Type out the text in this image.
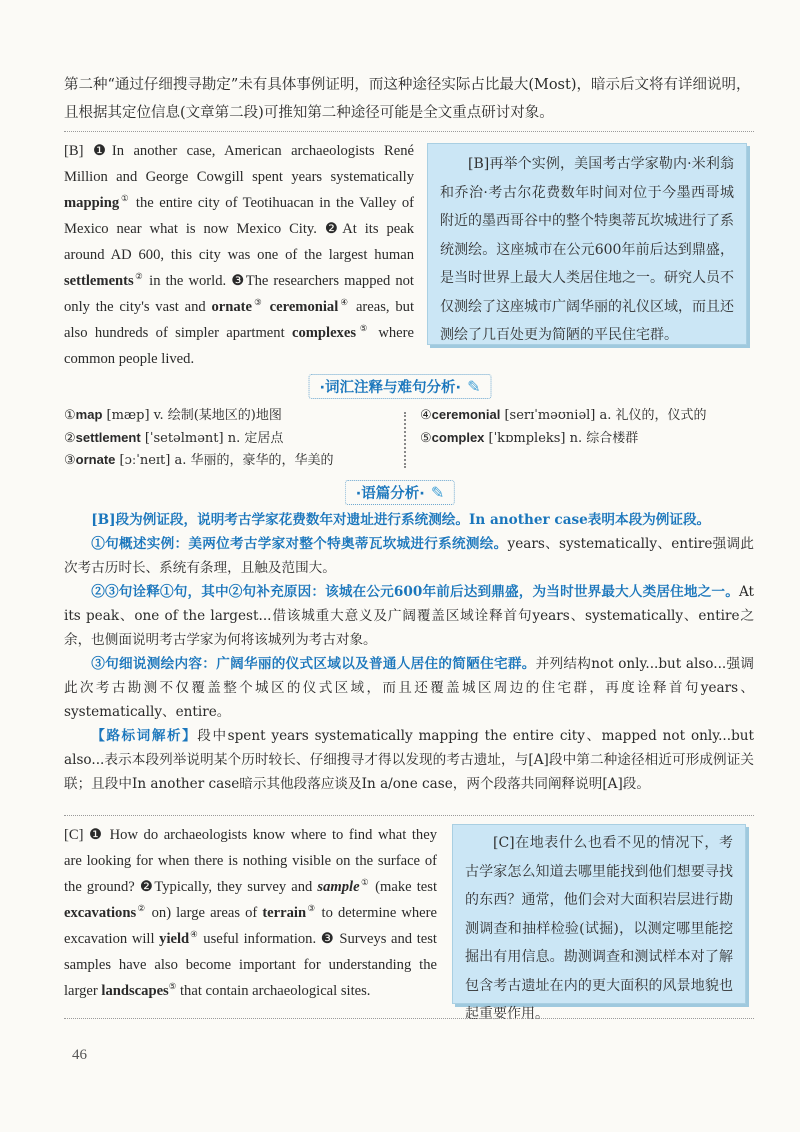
第二种“通过仔细搜寻勘定”未有具体事例证明，而这种途径实际占比最大(Most)，暗示后文将有详细说明，且根据其定位信息(文章第二段)可推知第二种途径可能是全文重点研讨对象。
[B] ❶In another case, American archaeologists René Million and George Cowgill spent years systematically mapping① the entire city of Teotihuacan in the Valley of Mexico near what is now Mexico City. ❷At its peak around AD 600, this city was one of the largest human settlements② in the world. ❸The researchers mapped not only the city's vast and ornate③ ceremonial④ areas, but also hundreds of simpler apartment complexes⑤ where common people lived.
[B]再举个实例，美国考古学家勒内·米利翁和乔治·考古尔花费数年时间对位于今墨西哥城附近的墨西哥谷中的整个特奥蒂瓦坎城进行了系统测绘。这座城市在公元600年前后达到鼎盛，是当时世界上最大人类居住地之一。研究人员不仅测绘了这座城市广阔华丽的礼仪区域，而且还测绘了几百处更为简陋的平民住宅群。
·词汇注释与难句分析· ✎
①map [mæp] v. 绘制(某地区的)地图
②settlement [ˈsetəlmənt] n. 定居点
③ornate [ɔːˈneɪt] a. 华丽的，豪华的，华美的
④ceremonial [serɪˈməʊniəl] a. 礼仪的，仪式的
⑤complex [ˈkɒmpleks] n. 综合楼群
·语篇分析· ✎

[B]段为例证段，说明考古学家花费数年对遗址进行系统测绘。In another case表明本段为例证段。

①句概述实例：美两位考古学家对整个特奥蒂瓦坎城进行系统测绘。years、systematically、entire强调此次考古历时长、系统有条理，且触及范围大。

②③句诠释①句，其中②句补充原因：该城在公元600年前后达到鼎盛，为当时世界最大人类居住地之一。At its peak、one of the largest...借该城重大意义及广阔覆盖区域诠释首句years、systematically、entire之余，也侧面说明考古学家为何将该城列为考古对象。

③句细说测绘内容：广阔华丽的仪式区域以及普通人居住的简陋住宅群。并列结构not only...but also...强调此次考古勘测不仅覆盖整个城区的仪式区域，而且还覆盖城区周边的住宅群，再度诠释首句years、systematically、entire。

【路标词解析】段中spent years systematically mapping the entire city、mapped not only...but also...表示本段列举说明某个历时较长、仔细搜寻才得以发现的考古遗址，与[A]段中第二种途径相近可形成例证关联；且段中In another case暗示其他段落应谈及In a/one case，两个段落共同阐释说明[A]段。

[C] ❶ How do archaeologists know where to find what they are looking for when there is nothing visible on the surface of the ground? ❷Typically, they survey and sample① (make test excavations② on) large areas of terrain③ to determine where excavation will yield④ useful information. ❸ Surveys and test samples have also become important for understanding the larger landscapes⑤ that contain archaeological sites.
[C]在地表什么也看不见的情况下，考古学家怎么知道去哪里能找到他们想要寻找的东西？通常，他们会对大面积岩层进行勘测调查和抽样检验(试掘)，以测定哪里能挖掘出有用信息。勘测调查和测试样本对了解包含考古遗址在内的更大面积的风景地貌也起重要作用。
46
